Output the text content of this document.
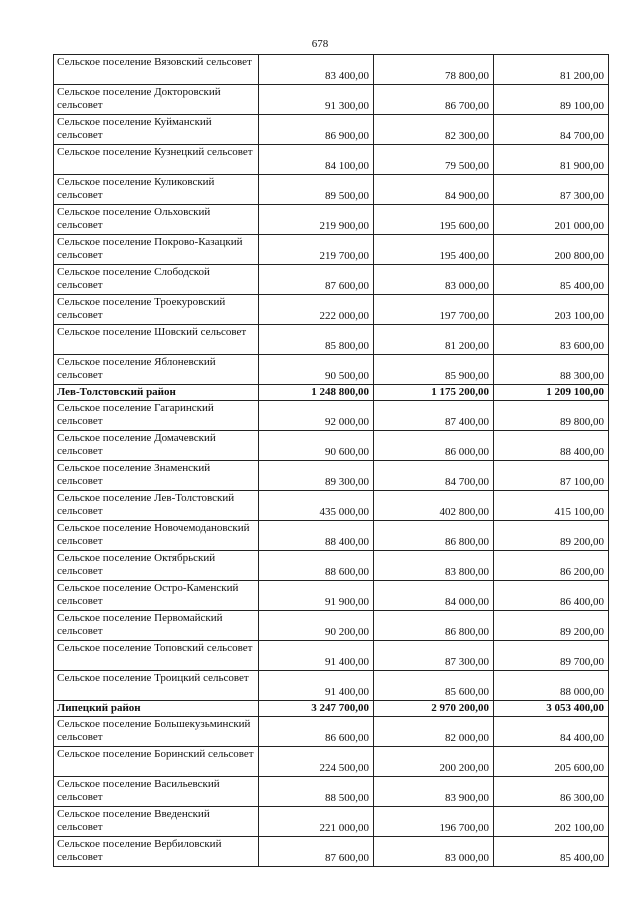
678
Сельское поселение Вязовский сельсовет	83 400,00	78 800,00	81 200,00
Сельское поселение Докторовский сельсовет	91 300,00	86 700,00	89 100,00
Сельское поселение Куйманский сельсовет	86 900,00	82 300,00	84 700,00
Сельское поселение Кузнецкий сельсовет	84 100,00	79 500,00	81 900,00
Сельское поселение Куликовский сельсовет	89 500,00	84 900,00	87 300,00
Сельское поселение Ольховский сельсовет	219 900,00	195 600,00	201 000,00
Сельское поселение Покрово-Казацкий сельсовет	219 700,00	195 400,00	200 800,00
Сельское поселение Слободской сельсовет	87 600,00	83 000,00	85 400,00
Сельское поселение Троекуровский сельсовет	222 000,00	197 700,00	203 100,00
Сельское поселение Шовский сельсовет	85 800,00	81 200,00	83 600,00
Сельское поселение Яблоневский сельсовет	90 500,00	85 900,00	88 300,00
Лев-Толстовский район	1 248 800,00	1 175 200,00	1 209 100,00
Сельское поселение Гагаринский сельсовет	92 000,00	87 400,00	89 800,00
Сельское поселение Домачевский сельсовет	90 600,00	86 000,00	88 400,00
Сельское поселение Знаменский сельсовет	89 300,00	84 700,00	87 100,00
Сельское поселение Лев-Толстовский сельсовет	435 000,00	402 800,00	415 100,00
Сельское поселение Новочемодановский сельсовет	88 400,00	86 800,00	89 200,00
Сельское поселение Октябрьский сельсовет	88 600,00	83 800,00	86 200,00
Сельское поселение Остро-Каменский сельсовет	91 900,00	84 000,00	86 400,00
Сельское поселение Первомайский сельсовет	90 200,00	86 800,00	89 200,00
Сельское поселение Топовский сельсовет	91 400,00	87 300,00	89 700,00
Сельское поселение Троицкий сельсовет	91 400,00	85 600,00	88 000,00
Липецкий район	3 247 700,00	2 970 200,00	3 053 400,00
Сельское поселение Большекузьминский сельсовет	86 600,00	82 000,00	84 400,00
Сельское поселение Боринский сельсовет	224 500,00	200 200,00	205 600,00
Сельское поселение Васильевский сельсовет	88 500,00	83 900,00	86 300,00
Сельское поселение Введенский сельсовет	221 000,00	196 700,00	202 100,00
Сельское поселение Вербиловский сельсовет	87 600,00	83 000,00	85 400,00
